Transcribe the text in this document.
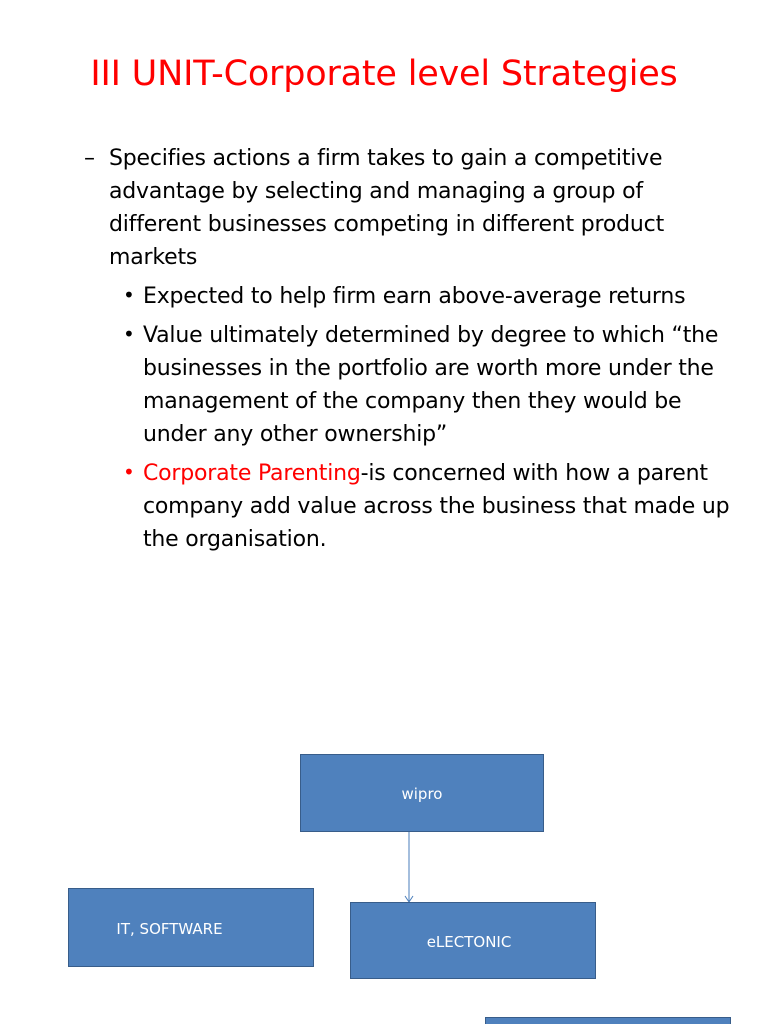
III UNIT-Corporate level Strategies
– Specifies actions a firm takes to gain a competitive advantage by selecting and managing a group of different businesses competing in different product markets
• Expected to help firm earn above-average returns
• Value ultimately determined by degree to which “the businesses in the portfolio are worth more under the management of the company then they would be under any other ownership”
• Corporate Parenting-is concerned with how a parent company add value across the business that made up the organisation.
wipro
IT, SOFTWARE
eLECTONIC
